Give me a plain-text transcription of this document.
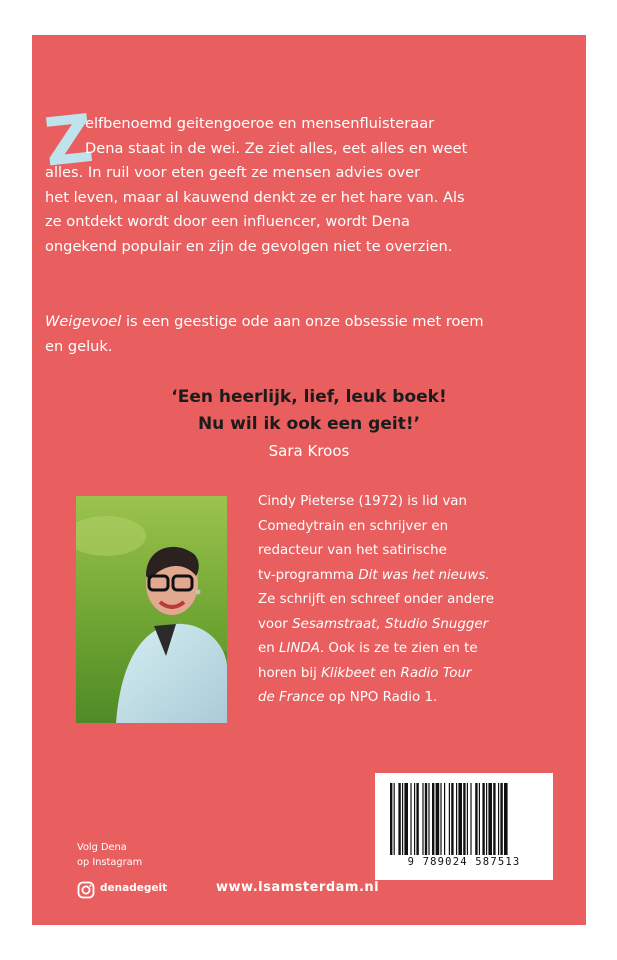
Z
elfbenoemd geitengoeroe en mensenfluisteraar
Dena staat in de wei. Ze ziet alles, eet alles en weet
alles. In ruil voor eten geeft ze mensen advies over
het leven, maar al kauwend denkt ze er het hare van. Als
ze ontdekt wordt door een influencer, wordt Dena
ongekend populair en zijn de gevolgen niet te overzien.
Weigevoel is een geestige ode aan onze obsessie met roem
en geluk.
‘Een heerlijk, lief, leuk boek!
Nu wil ik ook een geit!’
Sara Kroos
Cindy Pieterse (1972) is lid van
Comedytrain en schrijver en
redacteur van het satirische
tv-programma Dit was het nieuws.
Ze schrijft en schreef onder andere
voor Sesamstraat, Studio Snugger
en LINDA. Ook is ze te zien en te
horen bij Klikbeet en Radio Tour
de France op NPO Radio 1.
9 789024 587513
Volg Dena
op Instagram
denadegeit	www.lsamsterdam.nl
